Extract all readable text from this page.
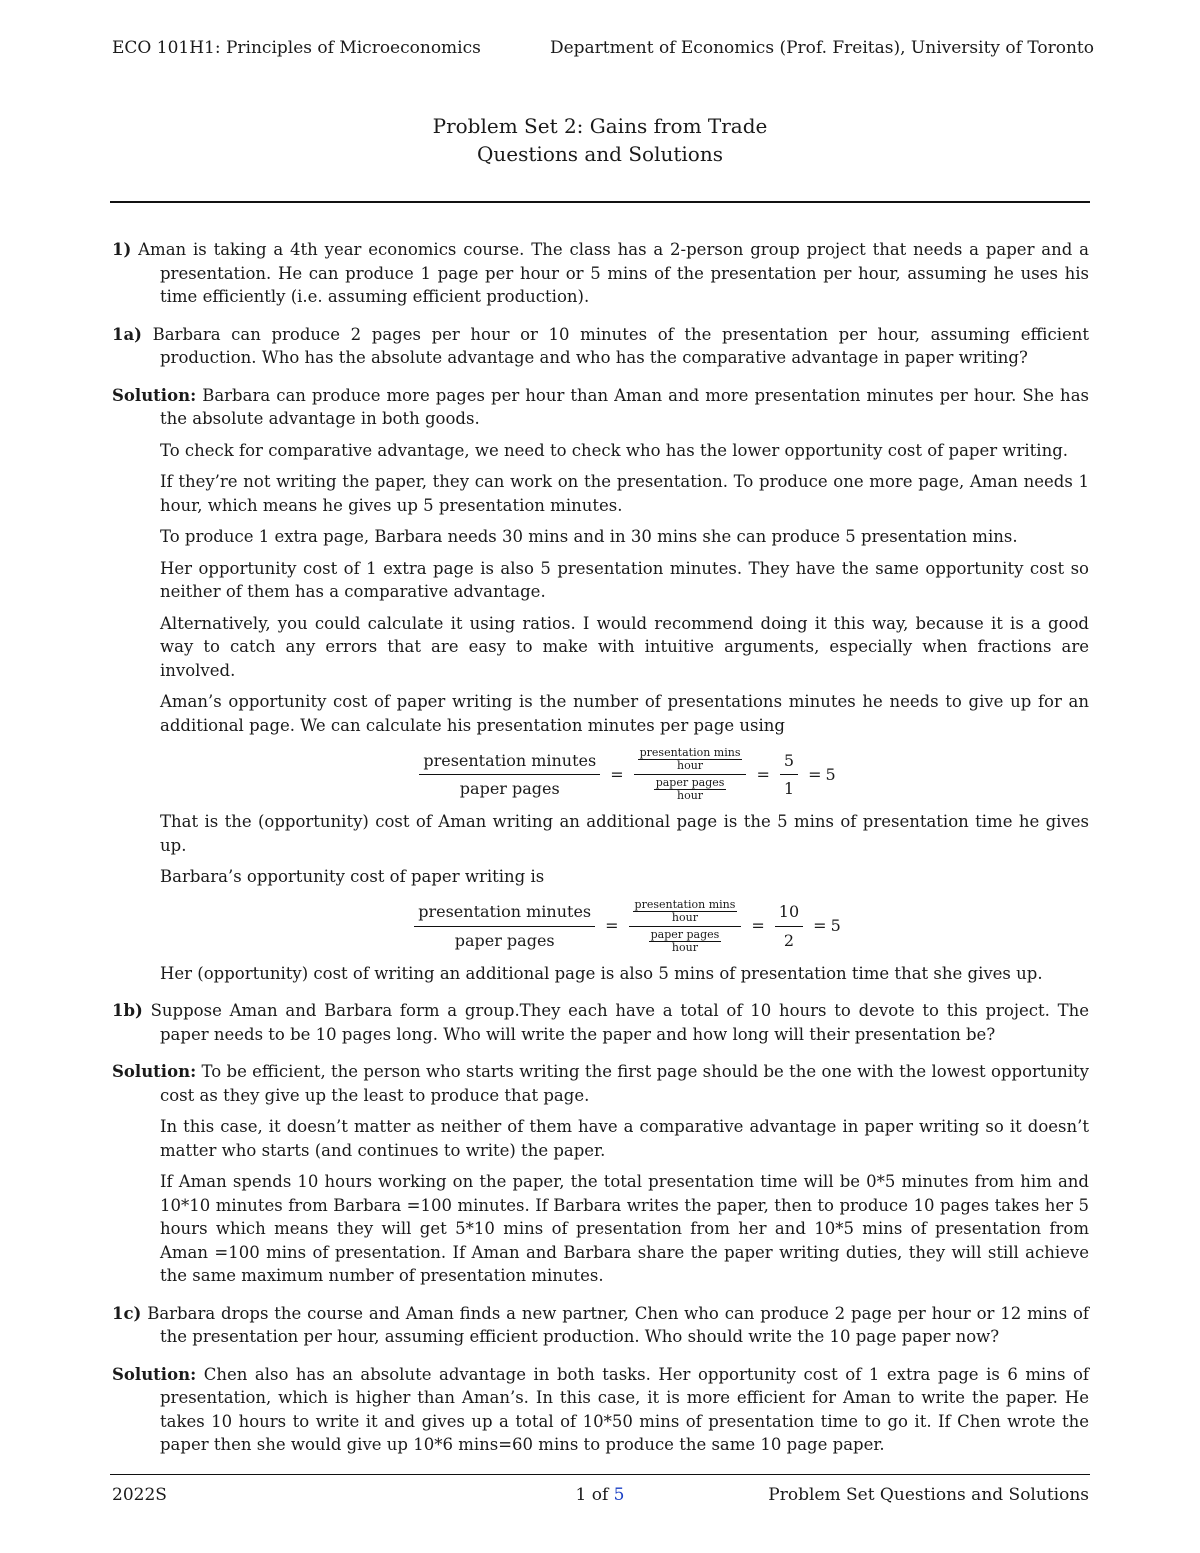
ECO 101H1: Principles of Microeconomics	Department of Economics (Prof. Freitas), University of Toronto
Problem Set 2: Gains from Trade
Questions and Solutions

1) Aman is taking a 4th year economics course. The class has a 2-person group project that needs a paper and a presentation. He can produce 1 page per hour or 5 mins of the presentation per hour, assuming he uses his time efficiently (i.e. assuming efficient production).

1a) Barbara can produce 2 pages per hour or 10 minutes of the presentation per hour, assuming efficient production. Who has the absolute advantage and who has the comparative advantage in paper writing?

Solution: Barbara can produce more pages per hour than Aman and more presentation minutes per hour. She has the absolute advantage in both goods.

To check for comparative advantage, we need to check who has the lower opportunity cost of paper writing.

If they’re not writing the paper, they can work on the presentation. To produce one more page, Aman needs 1 hour, which means he gives up 5 presentation minutes.

To produce 1 extra page, Barbara needs 30 mins and in 30 mins she can produce 5 presentation mins.

Her opportunity cost of 1 extra page is also 5 presentation minutes. They have the same opportunity cost so neither of them has a comparative advantage.

Alternatively, you could calculate it using ratios. I would recommend doing it this way, because it is a good way to catch any errors that are easy to make with intuitive arguments, especially when fractions are involved.

Aman’s opportunity cost of paper writing is the number of presentations minutes he needs to give up for an additional page. We can calculate his presentation minutes per page using

$\frac{\text{presentation minutes}}{\text{paper pages}}$ = presentation mins
hour
paper pages
hour = $\frac{5}{1} = 5$

That is the (opportunity) cost of Aman writing an additional page is the 5 mins of presentation time he gives up.

Barbara’s opportunity cost of paper writing is

$\frac{\text{presentation minutes}}{\text{paper pages}}$ = presentation mins
hour
paper pages
hour = $\frac{10}{2} = 5$

Her (opportunity) cost of writing an additional page is also 5 mins of presentation time that she gives up.

1b) Suppose Aman and Barbara form a group.They each have a total of 10 hours to devote to this project. The paper needs to be 10 pages long. Who will write the paper and how long will their presentation be?

Solution: To be efficient, the person who starts writing the first page should be the one with the lowest opportunity cost as they give up the least to produce that page.

In this case, it doesn’t matter as neither of them have a comparative advantage in paper writing so it doesn’t matter who starts (and continues to write) the paper.

If Aman spends 10 hours working on the paper, the total presentation time will be 0*5 minutes from him and 10*10 minutes from Barbara =100 minutes. If Barbara writes the paper, then to produce 10 pages takes her 5 hours which means they will get 5*10 mins of presentation from her and 10*5 mins of presentation from Aman =100 mins of presentation. If Aman and Barbara share the paper writing duties, they will still achieve the same maximum number of presentation minutes.

1c) Barbara drops the course and Aman finds a new partner, Chen who can produce 2 page per hour or 12 mins of the presentation per hour, assuming efficient production. Who should write the 10 page paper now?

Solution: Chen also has an absolute advantage in both tasks. Her opportunity cost of 1 extra page is 6 mins of presentation, which is higher than Aman’s. In this case, it is more efficient for Aman to write the paper. He takes 10 hours to write it and gives up a total of 10*50 mins of presentation time to go it. If Chen wrote the paper then she would give up 10*6 mins=60 mins to produce the same 10 page paper.

2022S	1 of 5	Problem Set Questions and Solutions
